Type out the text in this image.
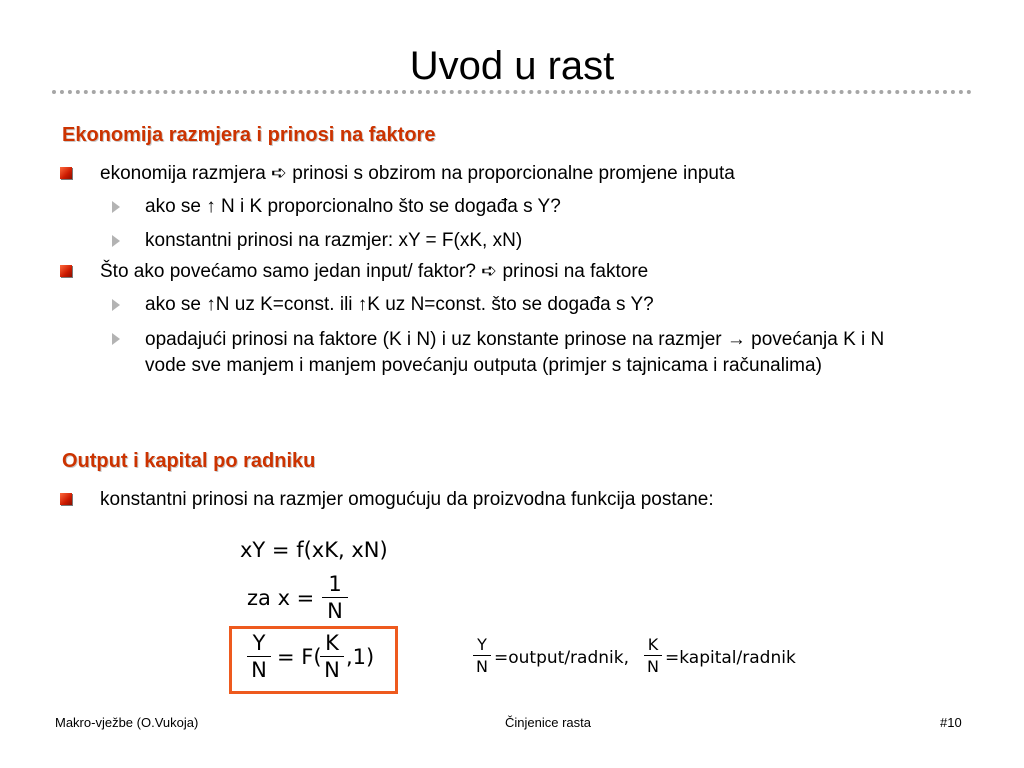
Uvod u rast
Ekonomija razmjera i prinosi na faktore
ekonomija razmjera ➪ prinosi s obzirom na proporcionalne promjene inputa
ako se ↑ N i K proporcionalno što se događa s Y?
konstantni prinosi na razmjer: xY = F(xK, xN)
Što ako povećamo samo jedan input/ faktor? ➪ prinosi na faktore
ako se ↑N uz K=const. ili ↑K uz N=const. što se događa s Y?
opadajući prinosi na faktore (K i N) i uz konstante prinose na razmjer → povećanja K i N vode sve manjem i manjem povećanju outputa (primjer s tajnicama i računalima)
Output i kapital po radniku
konstantni prinosi na razmjer omogućuju da proizvodna funkcija postane:
xY = f(xK, xN)
za x =
1
N
Y
N
= F(
K
N
,1)
Y
N =output/radnik,
K
N =kapital/radnik
Makro-vježbe (O.Vukoja)	Činjenice rasta	#10
